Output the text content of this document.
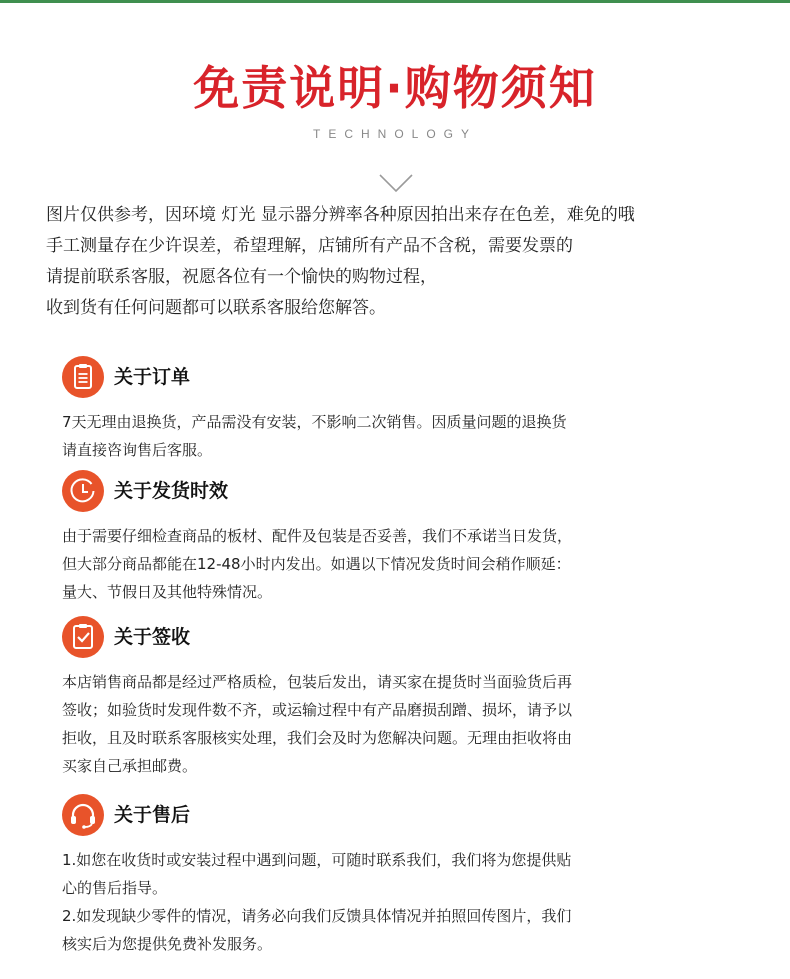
免责说明·购物须知
TECHNOLOGY

图片仅供参考，因环境 灯光 显示器分辨率各种原因拍出来存在色差，难免的哦

手工测量存在少许误差，希望理解，店铺所有产品不含税，需要发票的

请提前联系客服，祝愿各位有一个愉快的购物过程，

收到货有任何问题都可以联系客服给您解答。

关于订单

7天无理由退换货，产品需没有安装，不影响二次销售。因质量问题的退换货

请直接咨询售后客服。

关于发货时效

由于需要仔细检查商品的板材、配件及包装是否妥善，我们不承诺当日发货，

但大部分商品都能在12-48小时内发出。如遇以下情况发货时间会稍作顺延：

量大、节假日及其他特殊情况。

关于签收

本店销售商品都是经过严格质检，包装后发出，请买家在提货时当面验货后再

签收；如验货时发现件数不齐，或运输过程中有产品磨损刮蹭、损坏，请予以

拒收，且及时联系客服核实处理，我们会及时为您解决问题。无理由拒收将由

买家自己承担邮费。

关于售后

1.如您在收货时或安装过程中遇到问题，可随时联系我们，我们将为您提供贴

心的售后指导。

2.如发现缺少零件的情况，请务必向我们反馈具体情况并拍照回传图片，我们

核实后为您提供免费补发服务。
